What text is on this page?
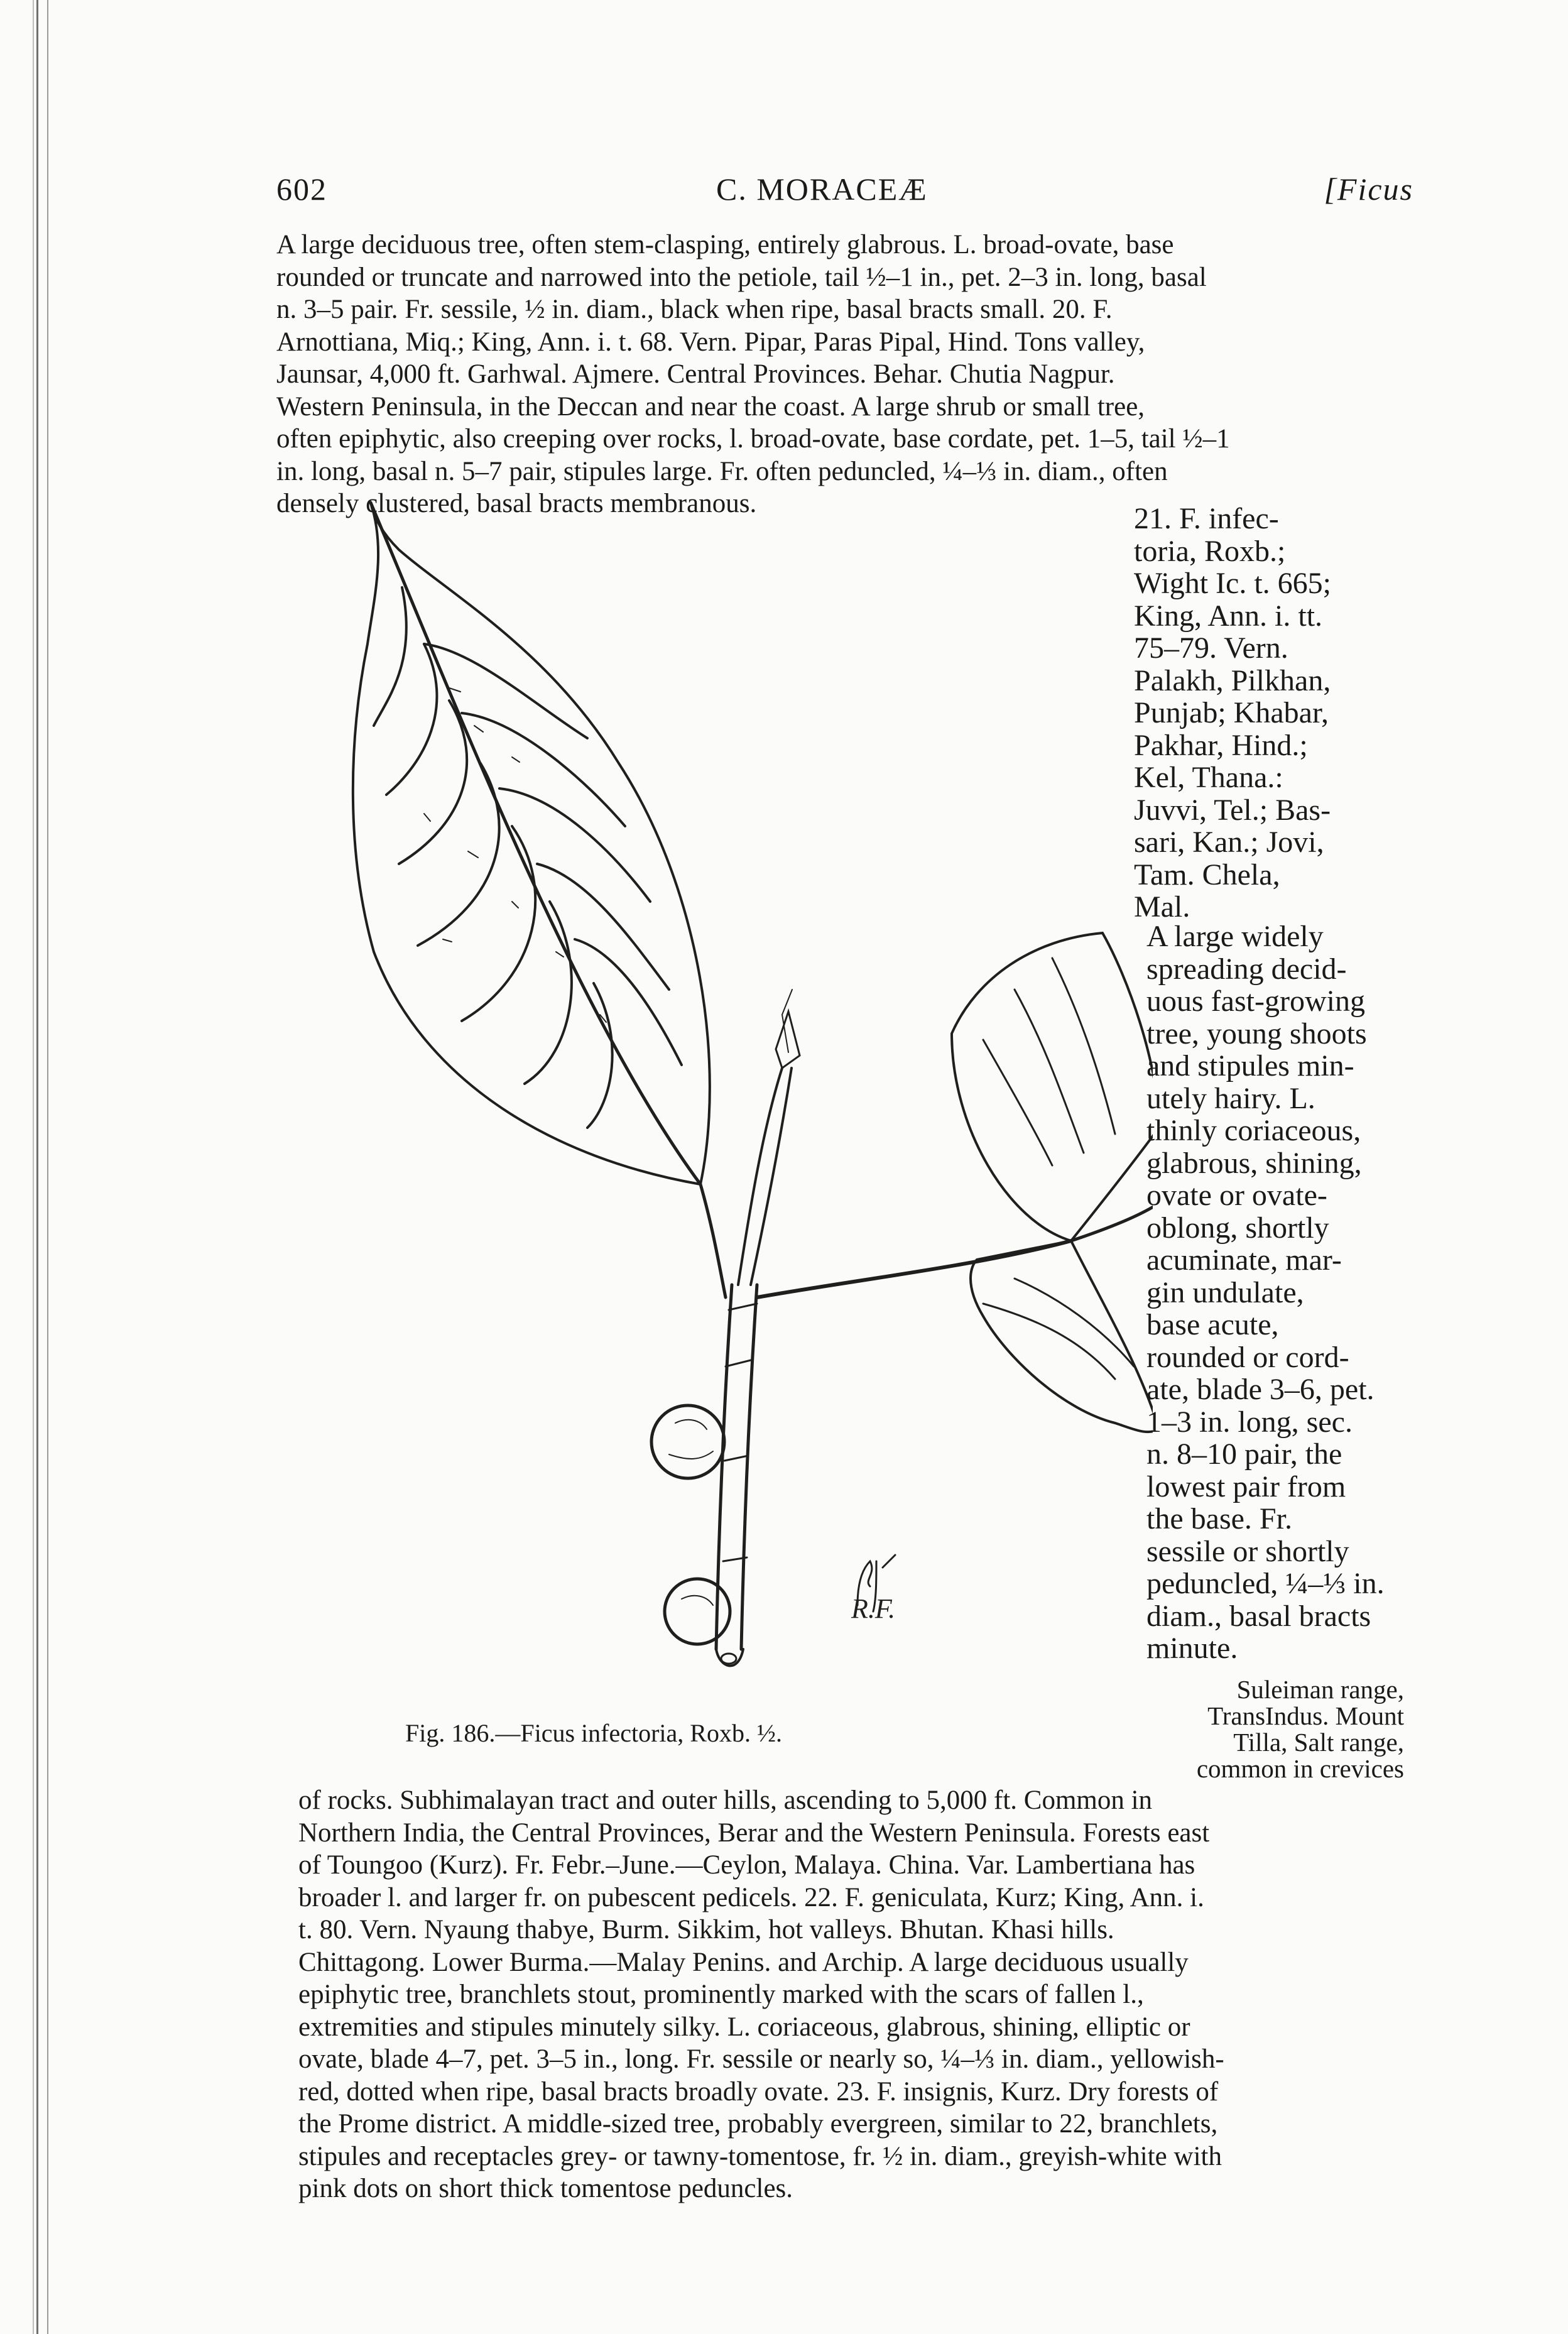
602	C. MORACEÆ	[Ficus
A large deciduous tree, often stem-clasping, entirely glabrous. L. broad-ovate, base
rounded or truncate and narrowed into the petiole, tail ½–1 in., pet. 2–3 in. long, basal
n. 3–5 pair. Fr. sessile, ½ in. diam., black when ripe, basal bracts small. 20. F.
Arnottiana, Miq.; King, Ann. i. t. 68. Vern. Pipar, Paras Pipal, Hind. Tons valley,
Jaunsar, 4,000 ft. Garhwal. Ajmere. Central Provinces. Behar. Chutia Nagpur.
Western Peninsula, in the Deccan and near the coast. A large shrub or small tree,
often epiphytic, also creeping over rocks, l. broad-ovate, base cordate, pet. 1–5, tail ½–1
in. long, basal n. 5–7 pair, stipules large. Fr. often peduncled, ¼–⅓ in. diam., often
densely clustered, basal bracts membranous.
R.F.
21. F. infec-
toria, Roxb.;
Wight Ic. t. 665;
King, Ann. i. tt.
75–79. Vern.
Palakh, Pilkhan,
Punjab; Khabar,
Pakhar, Hind.;
Kel, Thana.:
Juvvi, Tel.; Bas-
sari, Kan.; Jovi,
Tam. Chela,
Mal.
A large widely
spreading decid-
uous fast-growing
tree, young shoots
and stipules min-
utely hairy. L.
thinly coriaceous,
glabrous, shining,
ovate or ovate-
oblong, shortly
acuminate, mar-
gin undulate,
base acute,
rounded or cord-
ate, blade 3–6, pet.
1–3 in. long, sec.
n. 8–10 pair, the
lowest pair from
the base. Fr.
sessile or shortly
peduncled, ¼–⅓ in.
diam., basal bracts
minute.
Suleiman range,
TransIndus. Mount
Tilla, Salt range,
common in crevices
Fig. 186.—Ficus infectoria, Roxb. ½.
of rocks. Subhimalayan tract and outer hills, ascending to 5,000 ft. Common in
Northern India, the Central Provinces, Berar and the Western Peninsula. Forests east
of Toungoo (Kurz). Fr. Febr.–June.—Ceylon, Malaya. China. Var. Lambertiana has
broader l. and larger fr. on pubescent pedicels. 22. F. geniculata, Kurz; King, Ann. i.
t. 80. Vern. Nyaung thabye, Burm. Sikkim, hot valleys. Bhutan. Khasi hills.
Chittagong. Lower Burma.—Malay Penins. and Archip. A large deciduous usually
epiphytic tree, branchlets stout, prominently marked with the scars of fallen l.,
extremities and stipules minutely silky. L. coriaceous, glabrous, shining, elliptic or
ovate, blade 4–7, pet. 3–5 in., long. Fr. sessile or nearly so, ¼–⅓ in. diam., yellowish-
red, dotted when ripe, basal bracts broadly ovate. 23. F. insignis, Kurz. Dry forests of
the Prome district. A middle-sized tree, probably evergreen, similar to 22, branchlets,
stipules and receptacles grey- or tawny-tomentose, fr. ½ in. diam., greyish-white with
pink dots on short thick tomentose peduncles.
